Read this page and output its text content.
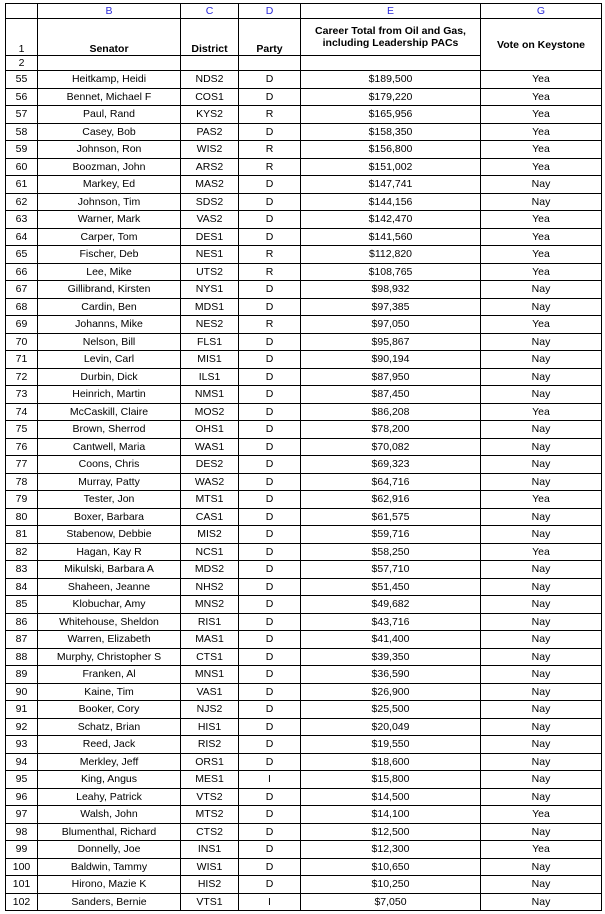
	B	C	D	E	G
1	Senator	District	Party	Career Total from Oil and Gas,
including Leadership PACs	Vote on Keystone
2					
55	Heitkamp, Heidi	NDS2	D	$189,500	Yea
56	Bennet, Michael F	COS1	D	$179,220	Yea
57	Paul, Rand	KYS2	R	$165,956	Yea
58	Casey, Bob	PAS2	D	$158,350	Yea
59	Johnson, Ron	WIS2	R	$156,800	Yea
60	Boozman, John	ARS2	R	$151,002	Yea
61	Markey, Ed	MAS2	D	$147,741	Nay
62	Johnson, Tim	SDS2	D	$144,156	Nay
63	Warner, Mark	VAS2	D	$142,470	Yea
64	Carper, Tom	DES1	D	$141,560	Yea
65	Fischer, Deb	NES1	R	$112,820	Yea
66	Lee, Mike	UTS2	R	$108,765	Yea
67	Gillibrand, Kirsten	NYS1	D	$98,932	Nay
68	Cardin, Ben	MDS1	D	$97,385	Nay
69	Johanns, Mike	NES2	R	$97,050	Yea
70	Nelson, Bill	FLS1	D	$95,867	Nay
71	Levin, Carl	MIS1	D	$90,194	Nay
72	Durbin, Dick	ILS1	D	$87,950	Nay
73	Heinrich, Martin	NMS1	D	$87,450	Nay
74	McCaskill, Claire	MOS2	D	$86,208	Yea
75	Brown, Sherrod	OHS1	D	$78,200	Nay
76	Cantwell, Maria	WAS1	D	$70,082	Nay
77	Coons, Chris	DES2	D	$69,323	Nay
78	Murray, Patty	WAS2	D	$64,716	Nay
79	Tester, Jon	MTS1	D	$62,916	Yea
80	Boxer, Barbara	CAS1	D	$61,575	Nay
81	Stabenow, Debbie	MIS2	D	$59,716	Nay
82	Hagan, Kay R	NCS1	D	$58,250	Yea
83	Mikulski, Barbara A	MDS2	D	$57,710	Nay
84	Shaheen, Jeanne	NHS2	D	$51,450	Nay
85	Klobuchar, Amy	MNS2	D	$49,682	Nay
86	Whitehouse, Sheldon	RIS1	D	$43,716	Nay
87	Warren, Elizabeth	MAS1	D	$41,400	Nay
88	Murphy, Christopher S	CTS1	D	$39,350	Nay
89	Franken, Al	MNS1	D	$36,590	Nay
90	Kaine, Tim	VAS1	D	$26,900	Nay
91	Booker, Cory	NJS2	D	$25,500	Nay
92	Schatz, Brian	HIS1	D	$20,049	Nay
93	Reed, Jack	RIS2	D	$19,550	Nay
94	Merkley, Jeff	ORS1	D	$18,600	Nay
95	King, Angus	MES1	I	$15,800	Nay
96	Leahy, Patrick	VTS2	D	$14,500	Nay
97	Walsh, John	MTS2	D	$14,100	Yea
98	Blumenthal, Richard	CTS2	D	$12,500	Nay
99	Donnelly, Joe	INS1	D	$12,300	Yea
100	Baldwin, Tammy	WIS1	D	$10,650	Nay
101	Hirono, Mazie K	HIS2	D	$10,250	Nay
102	Sanders, Bernie	VTS1	I	$7,050	Nay
